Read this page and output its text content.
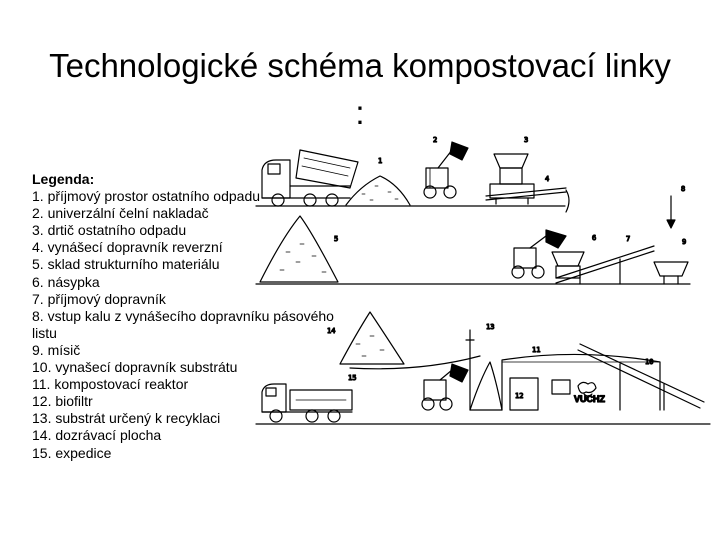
Technologické schéma kompostovací linky :
Legenda:
1. příjmový prostor ostatního odpadu
2. univerzální čelní nakladač
3. drtič ostatního odpadu
4. vynášecí dopravník reverzní
5. sklad strukturního materiálu
6. násypka
7. příjmový dopravník
8. vstup kalu z vynášecího dopravníku pásového listu
9. mísič
10. vynašecí dopravník substrátu
11. kompostovací reaktor
12. biofiltr
13. substrát určený k recyklaci
14. dozrávací plocha
15. expedice
1
2	3
4
5	6	7
8
9
10
11
12
13
14
15
VUCHZ
